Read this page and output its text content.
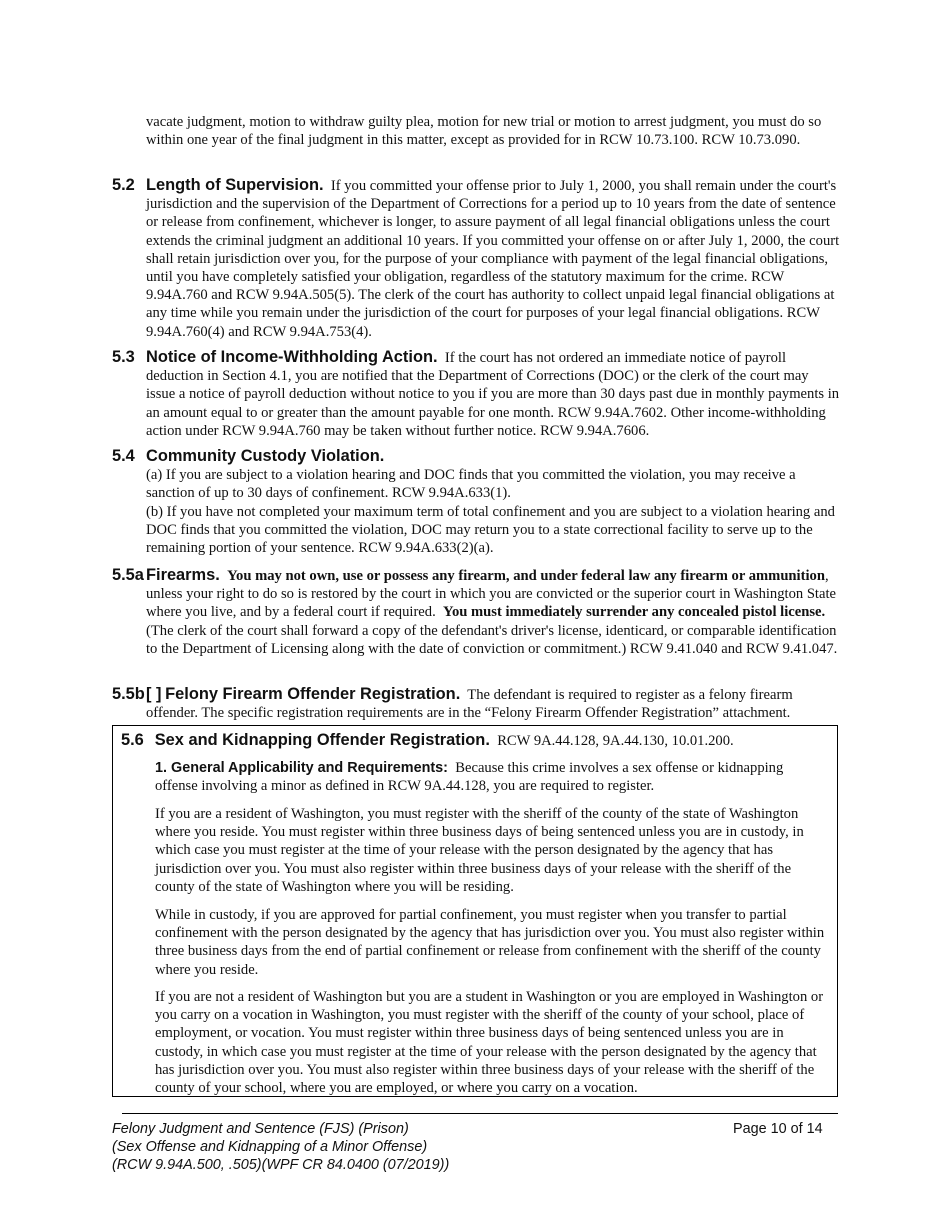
vacate judgment, motion to withdraw guilty plea, motion for new trial or motion to arrest judgment, you must do so within one year of the final judgment in this matter, except as provided for in RCW 10.73.100. RCW 10.73.090.
5.2 Length of Supervision. If you committed your offense prior to July 1, 2000, you shall remain under the court's jurisdiction and the supervision of the Department of Corrections for a period up to 10 years from the date of sentence or release from confinement, whichever is longer, to assure payment of all legal financial obligations unless the court extends the criminal judgment an additional 10 years. If you committed your offense on or after July 1, 2000, the court shall retain jurisdiction over you, for the purpose of your compliance with payment of the legal financial obligations, until you have completely satisfied your obligation, regardless of the statutory maximum for the crime. RCW 9.94A.760 and RCW 9.94A.505(5). The clerk of the court has authority to collect unpaid legal financial obligations at any time while you remain under the jurisdiction of the court for purposes of your legal financial obligations. RCW 9.94A.760(4) and RCW 9.94A.753(4).
5.3 Notice of Income-Withholding Action. If the court has not ordered an immediate notice of payroll deduction in Section 4.1, you are notified that the Department of Corrections (DOC) or the clerk of the court may issue a notice of payroll deduction without notice to you if you are more than 30 days past due in monthly payments in an amount equal to or greater than the amount payable for one month. RCW 9.94A.7602. Other income-withholding action under RCW 9.94A.760 may be taken without further notice. RCW 9.94A.7606.
5.4 Community Custody Violation.
(a) If you are subject to a violation hearing and DOC finds that you committed the violation, you may receive a sanction of up to 30 days of confinement. RCW 9.94A.633(1).
(b) If you have not completed your maximum term of total confinement and you are subject to a violation hearing and DOC finds that you committed the violation, DOC may return you to a state correctional facility to serve up to the remaining portion of your sentence. RCW 9.94A.633(2)(a).
5.5a Firearms. You may not own, use or possess any firearm, and under federal law any firearm or ammunition, unless your right to do so is restored by the court in which you are convicted or the superior court in Washington State where you live, and by a federal court if required. You must immediately surrender any concealed pistol license.  (The clerk of the court shall forward a copy of the defendant's driver's license, identicard, or comparable identification to the Department of Licensing along with the date of conviction or commitment.) RCW 9.41.040 and RCW 9.41.047.
5.5b [ ] Felony Firearm Offender Registration. The defendant is required to register as a felony firearm offender. The specific registration requirements are in the “Felony Firearm Offender Registration” attachment.
5.6 Sex and Kidnapping Offender Registration. RCW 9A.44.128, 9A.44.130, 10.01.200.
1. General Applicability and Requirements: Because this crime involves a sex offense or kidnapping offense involving a minor as defined in RCW 9A.44.128, you are required to register.
If you are a resident of Washington, you must register with the sheriff of the county of the state of Washington where you reside. You must register within three business days of being sentenced unless you are in custody, in which case you must register at the time of your release with the person designated by the agency that has jurisdiction over you. You must also register within three business days of your release with the sheriff of the county of the state of Washington where you will be residing.
While in custody, if you are approved for partial confinement, you must register when you transfer to partial confinement with the person designated by the agency that has jurisdiction over you. You must also register within three business days from the end of partial confinement or release from confinement with the sheriff of the county where you reside.
If you are not a resident of Washington but you are a student in Washington or you are employed in Washington or you carry on a vocation in Washington, you must register with the sheriff of the county of your school, place of employment, or vocation. You must register within three business days of being sentenced unless you are in custody, in which case you must register at the time of your release with the person designated by the agency that has jurisdiction over you. You must also register within three business days of your release with the sheriff of the county of your school, where you are employed, or where you carry on a vocation.
Felony Judgment and Sentence (FJS) (Prison)
(Sex Offense and Kidnapping of a Minor Offense)
(RCW 9.94A.500, .505)(WPF CR 84.0400 (07/2019))
Page 10 of 14
